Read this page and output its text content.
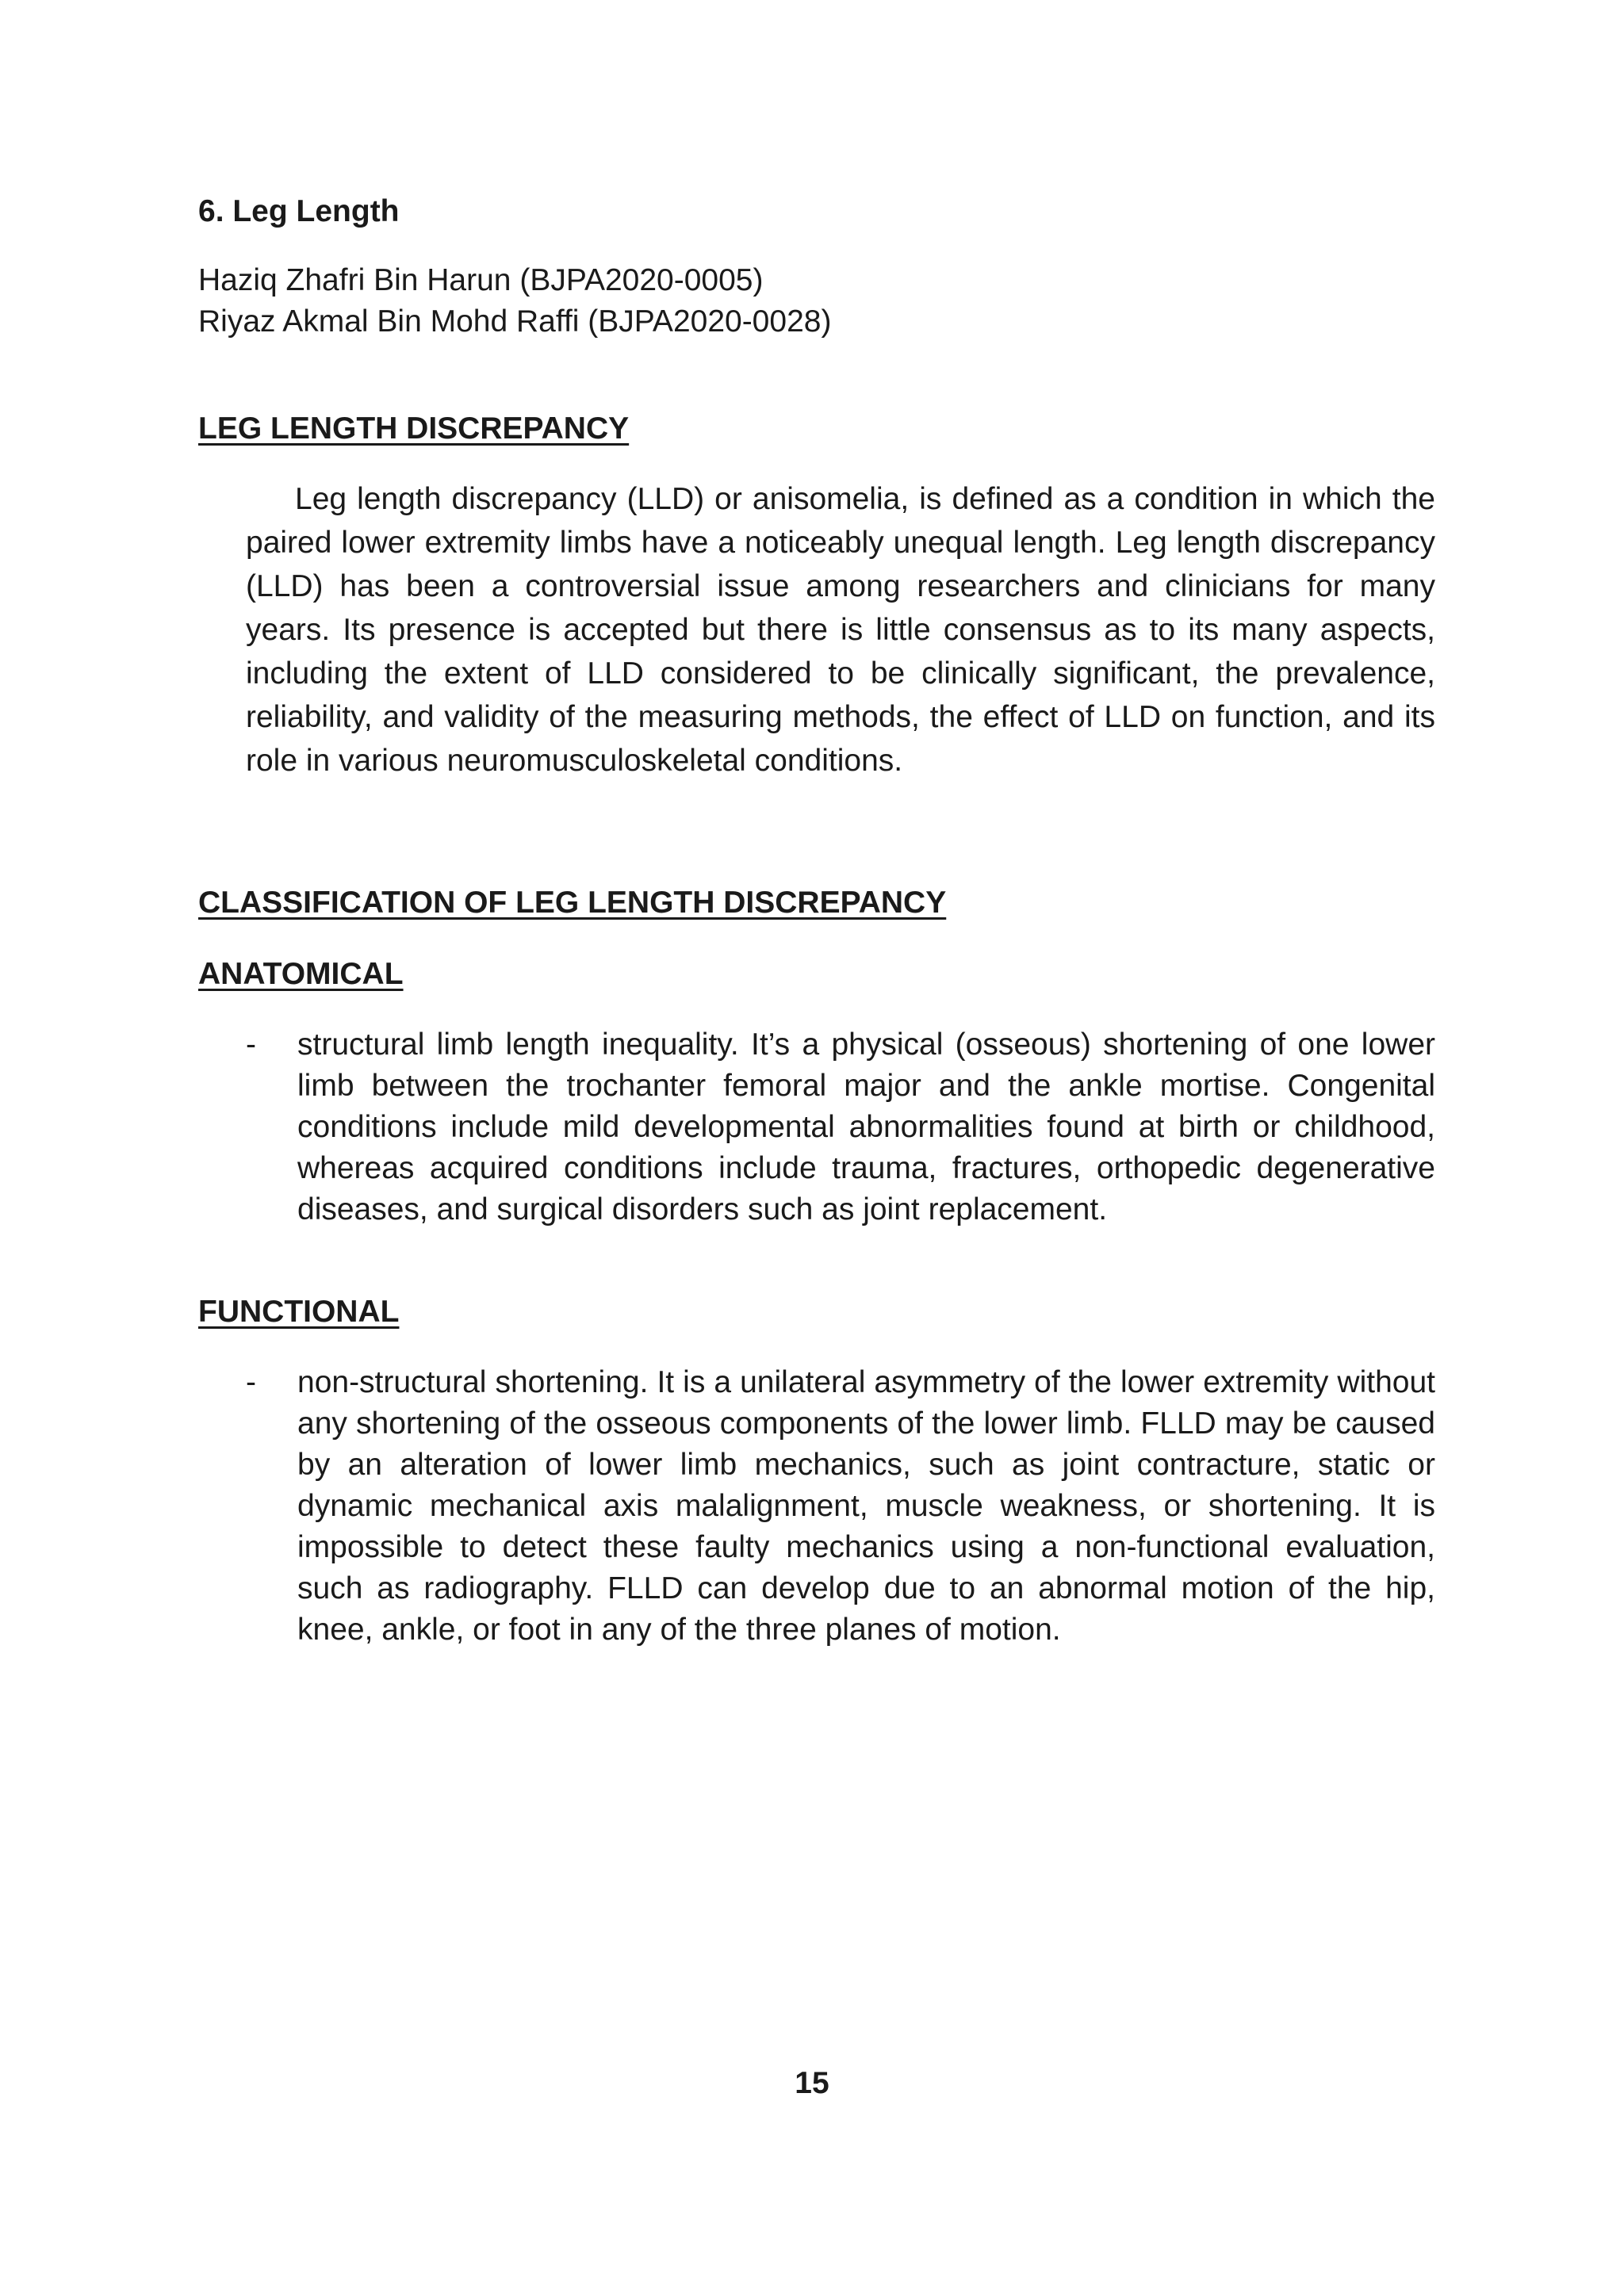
6. Leg Length
Haziq Zhafri Bin Harun (BJPA2020-0005)
Riyaz Akmal Bin Mohd Raffi (BJPA2020-0028)
LEG LENGTH DISCREPANCY
Leg length discrepancy (LLD) or anisomelia, is defined as a condition in which the paired lower extremity limbs have a noticeably unequal length. Leg length discrepancy (LLD) has been a controversial issue among researchers and clinicians for many years. Its presence is accepted but there is little consensus as to its many aspects, including the extent of LLD considered to be clinically significant, the prevalence, reliability, and validity of the measuring methods, the effect of LLD on function, and its role in various neuromusculoskeletal conditions.
CLASSIFICATION OF LEG LENGTH DISCREPANCY
ANATOMICAL
- structural limb length inequality. It’s a physical (osseous) shortening of one lower limb between the trochanter femoral major and the ankle mortise. Congenital conditions include mild developmental abnormalities found at birth or childhood, whereas acquired conditions include trauma, fractures, orthopedic degenerative diseases, and surgical disorders such as joint replacement.
FUNCTIONAL
- non-structural shortening. It is a unilateral asymmetry of the lower extremity without any shortening of the osseous components of the lower limb. FLLD may be caused by an alteration of lower limb mechanics, such as joint contracture, static or dynamic mechanical axis malalignment, muscle weakness, or shortening. It is impossible to detect these faulty mechanics using a non-functional evaluation, such as radiography. FLLD can develop due to an abnormal motion of the hip, knee, ankle, or foot in any of the three planes of motion.
15
